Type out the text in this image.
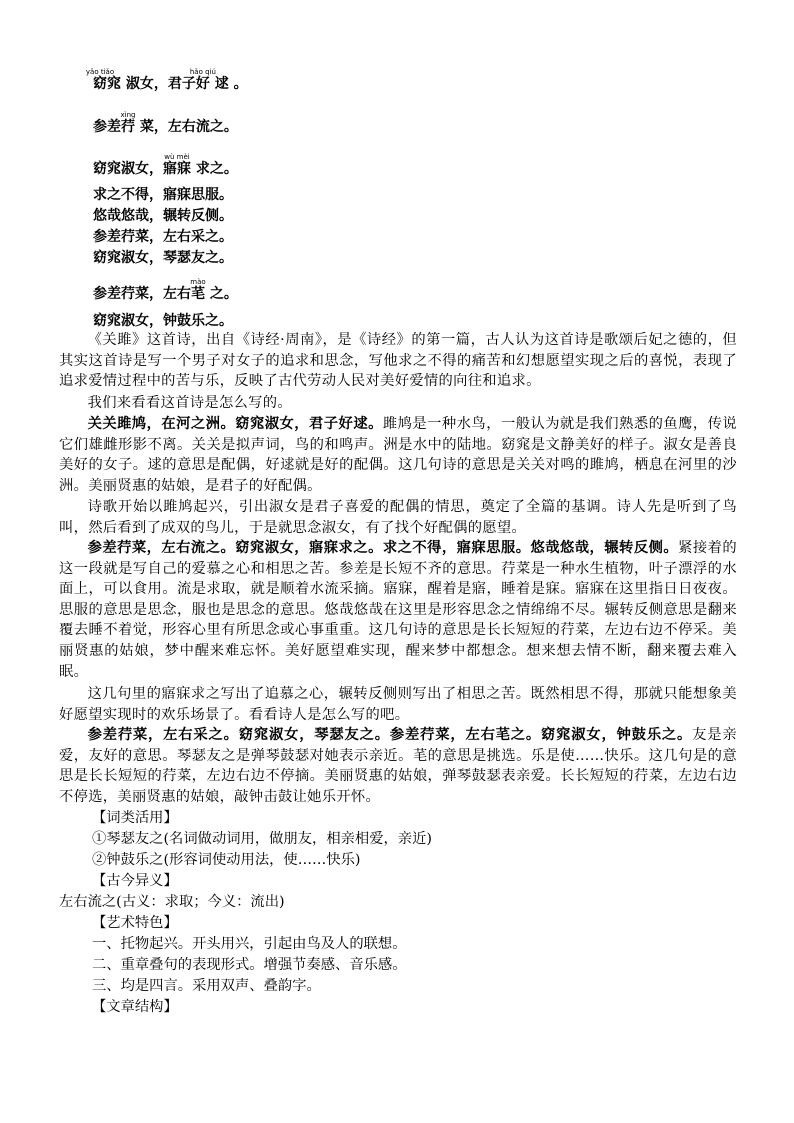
窈
yǎo tiǎo
窕 淑女，君子好
hǎo qiú
逑 。
参差荇
xìng
菜，左右流之。
窈窕淑女，寤寐
wù mèi
求之。
求之不得，寤寐思服。
悠哉悠哉，辗转反侧。
参差荇菜，左右采之。
窈窕淑女，琴瑟友之。
参差荇菜，左右芼
mào
之。
窈窕淑女，钟鼓乐之。

《关雎》这首诗，出自《诗经·周南》，是《诗经》的第一篇，古人认为这首诗是歌颂后妃之德的，但其实这首诗是写一个男子对女子的追求和思念，写他求之不得的痛苦和幻想愿望实现之后的喜悦，表现了追求爱情过程中的苦与乐，反映了古代劳动人民对美好爱情的向往和追求。

我们来看看这首诗是怎么写的。

关关雎鸠，在河之洲。窈窕淑女，君子好逑。雎鸠是一种水鸟，一般认为就是我们熟悉的鱼鹰，传说它们雄雌形影不离。关关是拟声词，鸟的和鸣声。洲是水中的陆地。窈窕是文静美好的样子。淑女是善良美好的女子。逑的意思是配偶，好逑就是好的配偶。这几句诗的意思是关关对鸣的雎鸠，栖息在河里的沙洲。美丽贤惠的姑娘，是君子的好配偶。

诗歌开始以雎鸠起兴，引出淑女是君子喜爱的配偶的情思，奠定了全篇的基调。诗人先是听到了鸟叫，然后看到了成双的鸟儿，于是就思念淑女，有了找个好配偶的愿望。

参差荇菜，左右流之。窈窕淑女，寤寐求之。求之不得，寤寐思服。悠哉悠哉，辗转反侧。紧接着的这一段就是写自己的爱慕之心和相思之苦。参差是长短不齐的意思。荇菜是一种水生植物，叶子漂浮的水面上，可以食用。流是求取，就是顺着水流采摘。寤寐，醒着是寤，睡着是寐。寤寐在这里指日日夜夜。思服的意思是思念，服也是思念的意思。悠哉悠哉在这里是形容思念之情绵绵不尽。辗转反侧意思是翻来覆去睡不着觉，形容心里有所思念或心事重重。这几句诗的意思是长长短短的荇菜，左边右边不停采。美丽贤惠的姑娘，梦中醒来难忘怀。美好愿望难实现，醒来梦中都想念。想来想去情不断，翻来覆去难入眠。

这几句里的寤寐求之写出了追慕之心，辗转反侧则写出了相思之苦。既然相思不得，那就只能想象美好愿望实现时的欢乐场景了。看看诗人是怎么写的吧。

参差荇菜，左右采之。窈窕淑女，琴瑟友之。参差荇菜，左右芼之。窈窕淑女，钟鼓乐之。友是亲爱，友好的意思。琴瑟友之是弹琴鼓瑟对她表示亲近。芼的意思是挑选。乐是使……快乐。这几句是的意思是长长短短的荇菜，左边右边不停摘。美丽贤惠的姑娘，弹琴鼓瑟表亲爱。长长短短的荇菜，左边右边不停选，美丽贤惠的姑娘，敲钟击鼓让她乐开怀。

【词类活用】

①琴瑟友之(名词做动词用，做朋友，相亲相爱，亲近)

②钟鼓乐之(形容词使动用法，使……快乐)

【古今异义】

左右流之(古义：求取；今义：流出)

【艺术特色】

一、托物起兴。开头用兴，引起由鸟及人的联想。

二、重章叠句的表现形式。增强节奏感、音乐感。

三、均是四言。采用双声、叠韵字。

【文章结构】
